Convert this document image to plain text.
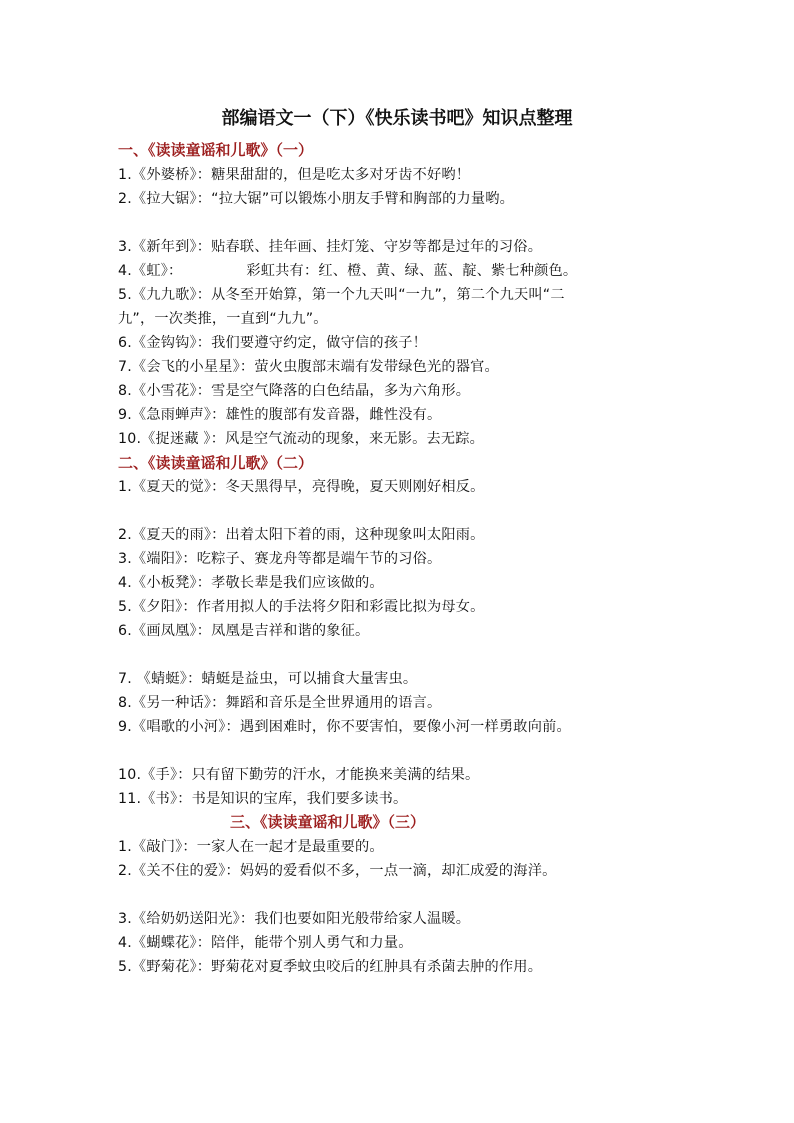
部编语文一（下）《快乐读书吧》知识点整理
一、《读读童谣和儿歌》（一）
1.《外婆桥》：糖果甜甜的，但是吃太多对牙齿不好哟！
2.《拉大锯》：“拉大锯”可以锻炼小朋友手臂和胸部的力量哟。
3.《新年到》：贴春联、挂年画、挂灯笼、守岁等都是过年的习俗。
4.《虹》：	彩虹共有：红、橙、黄、绿、蓝、靛、紫七种颜色。
5.《九九歌》：从冬至开始算，第一个九天叫“一九”，第二个九天叫“二
九”，一次类推，一直到“九九”。
6.《金钩钩》：我们要遵守约定，做守信的孩子！
7.《会飞的小星星》：萤火虫腹部末端有发带绿色光的器官。
8.《小雪花》：雪是空气降落的白色结晶，多为六角形。
9.《急雨蝉声》：雄性的腹部有发音器，雌性没有。
10.《捉迷藏 》：风是空气流动的现象，来无影。去无踪。
二、《读读童谣和儿歌》（二）
1.《夏天的觉》：冬天黑得早，亮得晚，夏天则刚好相反。
2.《夏天的雨》：出着太阳下着的雨，这种现象叫太阳雨。
3.《端阳》：吃粽子、赛龙舟等都是端午节的习俗。
4.《小板凳》：孝敬长辈是我们应该做的。
5.《夕阳》：作者用拟人的手法将夕阳和彩霞比拟为母女。
6.《画凤凰》：凤凰是吉祥和谐的象征。
7. 《蜻蜓》：蜻蜓是益虫，可以捕食大量害虫。
8.《另一种话》：舞蹈和音乐是全世界通用的语言。
9.《唱歌的小河》：遇到困难时，你不要害怕，要像小河一样勇敢向前。
10.《手》：只有留下勤劳的汗水，才能换来美满的结果。
11.《书》：书是知识的宝库，我们要多读书。
三、《读读童谣和儿歌》（三）
1.《敲门》：一家人在一起才是最重要的。
2.《关不住的爱》：妈妈的爱看似不多，一点一滴，却汇成爱的海洋。
3.《给奶奶送阳光》：我们也要如阳光般带给家人温暖。
4.《蝴蝶花》：陪伴，能带个别人勇气和力量。
5.《野菊花》：野菊花对夏季蚊虫咬后的红肿具有杀菌去肿的作用。
